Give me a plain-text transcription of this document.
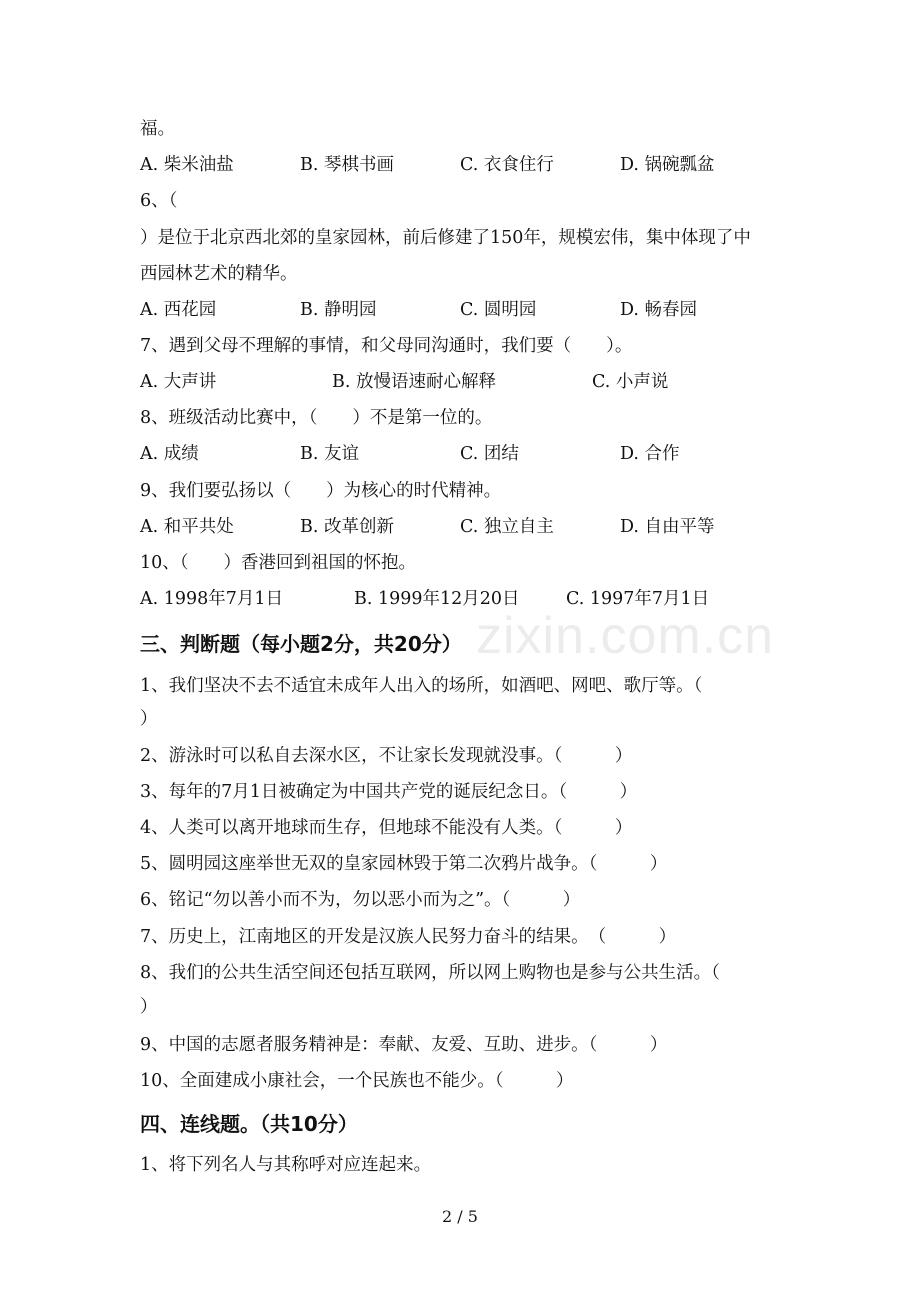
zixin.com.cn
福。
A. 柴米油盐	B. 琴棋书画	C. 衣食住行	D. 锅碗瓢盆
6、（
）是位于北京西北郊的皇家园林，前后修建了150年，规模宏伟，集中体现了中
西园林艺术的精华。
A. 西花园	B. 静明园	C. 圆明园	D. 畅春园
7、遇到父母不理解的事情，和父母同沟通时，我们要（　　）。
A. 大声讲	B. 放慢语速耐心解释	C. 小声说
8、班级活动比赛中，（　　）不是第一位的。
A. 成绩	B. 友谊	C. 团结	D. 合作
9、我们要弘扬以（　　）为核心的时代精神。
A. 和平共处	B. 改革创新	C. 独立自主	D. 自由平等
10、（　　）香港回到祖国的怀抱。
A. 1998年7月1日	B. 1999年12月20日	C. 1997年7月1日
三、判断题（每小题2分，共20分）
1、我们坚决不去不适宜未成年人出入的场所，如酒吧、网吧、歌厅等。（
）
2、游泳时可以私自去深水区，不让家长发现就没事。（　　　）
3、每年的7月1日被确定为中国共产党的诞辰纪念日。（　　　）
4、人类可以离开地球而生存，但地球不能没有人类。（　　　）
5、圆明园这座举世无双的皇家园林毁于第二次鸦片战争。（　　　）
6、铭记“勿以善小而不为，勿以恶小而为之”。（　　　）
7、历史上，江南地区的开发是汉族人民努力奋斗的结果。　（　　　）
8、我们的公共生活空间还包括互联网，所以网上购物也是参与公共生活。（
）
9、中国的志愿者服务精神是：奉献、友爱、互助、进步。（　　　）
10、全面建成小康社会，一个民族也不能少。（　　　）
四、连线题。（共10分）
1、将下列名人与其称呼对应连起来。
2 / 5
